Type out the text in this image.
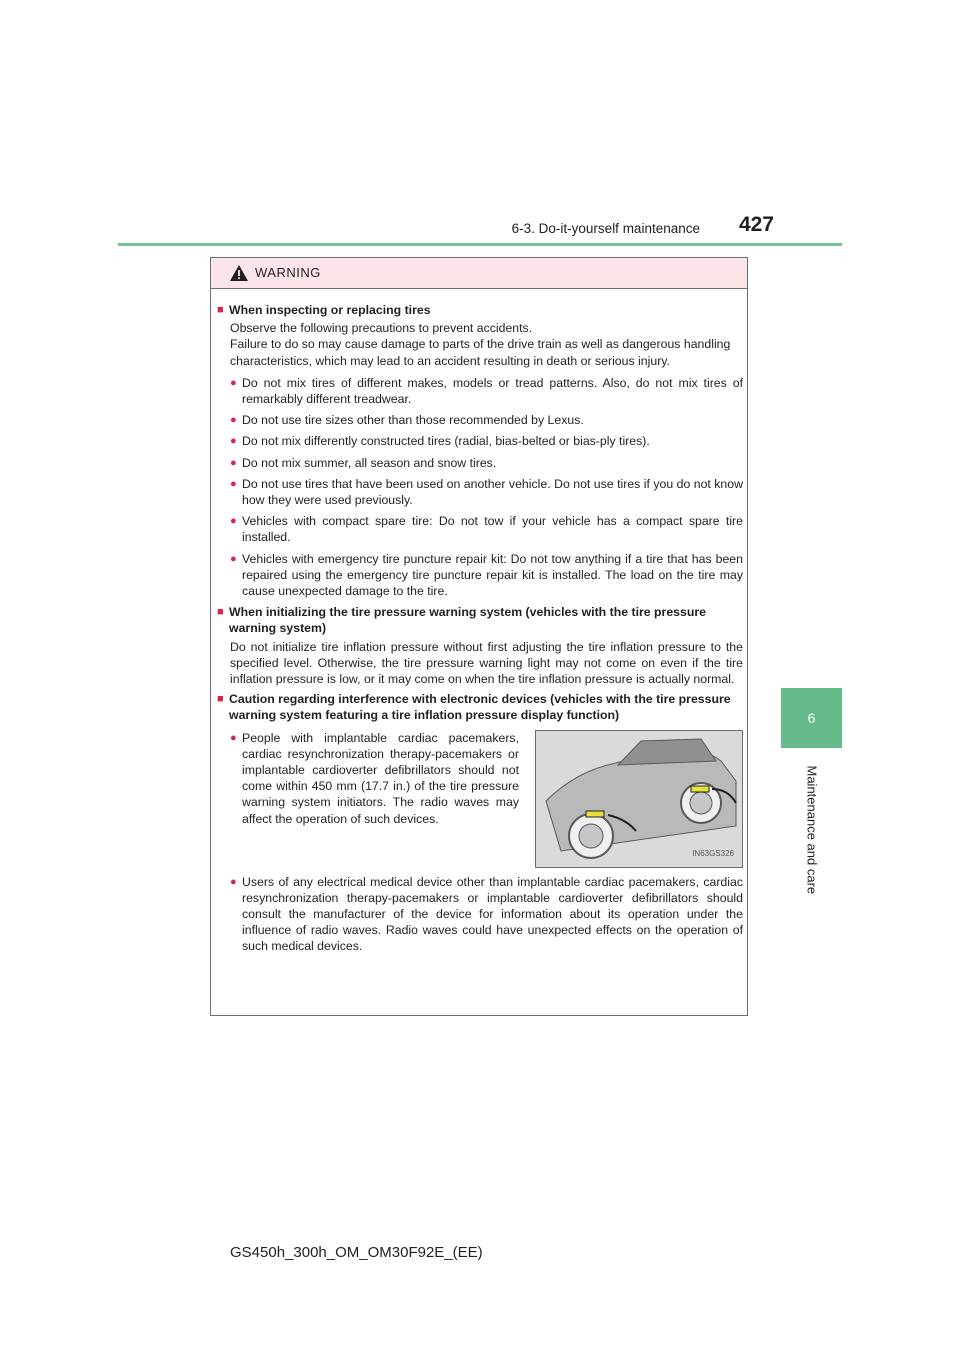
6-3. Do-it-yourself maintenance	427
6
Maintenance and care
WARNING
■ When inspecting or replacing tires
Observe the following precautions to prevent accidents.
Failure to do so may cause damage to parts of the drive train as well as dangerous handling characteristics, which may lead to an accident resulting in death or serious injury.
● Do not mix tires of different makes, models or tread patterns. Also, do not mix tires of remarkably different treadwear.
● Do not use tire sizes other than those recommended by Lexus.
● Do not mix differently constructed tires (radial, bias-belted or bias-ply tires).
● Do not mix summer, all season and snow tires.
● Do not use tires that have been used on another vehicle. Do not use tires if you do not know how they were used previously.
● Vehicles with compact spare tire: Do not tow if your vehicle has a compact spare tire installed.
● Vehicles with emergency tire puncture repair kit: Do not tow anything if a tire that has been repaired using the emergency tire puncture repair kit is installed. The load on the tire may cause unexpected damage to the tire.
■ When initializing the tire pressure warning system (vehicles with the tire pressure warning system)
Do not initialize tire inflation pressure without first adjusting the tire inflation pressure to the specified level. Otherwise, the tire pressure warning light may not come on even if the tire inflation pressure is low, or it may come on when the tire inflation pressure is actually normal.
■ Caution regarding interference with electronic devices (vehicles with the tire pressure warning system featuring a tire inflation pressure display function)
● People with implantable cardiac pacemakers, cardiac resynchronization therapy-pacemakers or implantable cardioverter defibrillators should not come within 450 mm (17.7 in.) of the tire pressure warning system initiators. The radio waves may affect the operation of such devices.
IN63GS326
● Users of any electrical medical device other than implantable cardiac pacemakers, cardiac resynchronization therapy-pacemakers or implantable cardioverter defibrillators should consult the manufacturer of the device for information about its operation under the influence of radio waves. Radio waves could have unexpected effects on the operation of such medical devices.
GS450h_300h_OM_OM30F92E_(EE)
